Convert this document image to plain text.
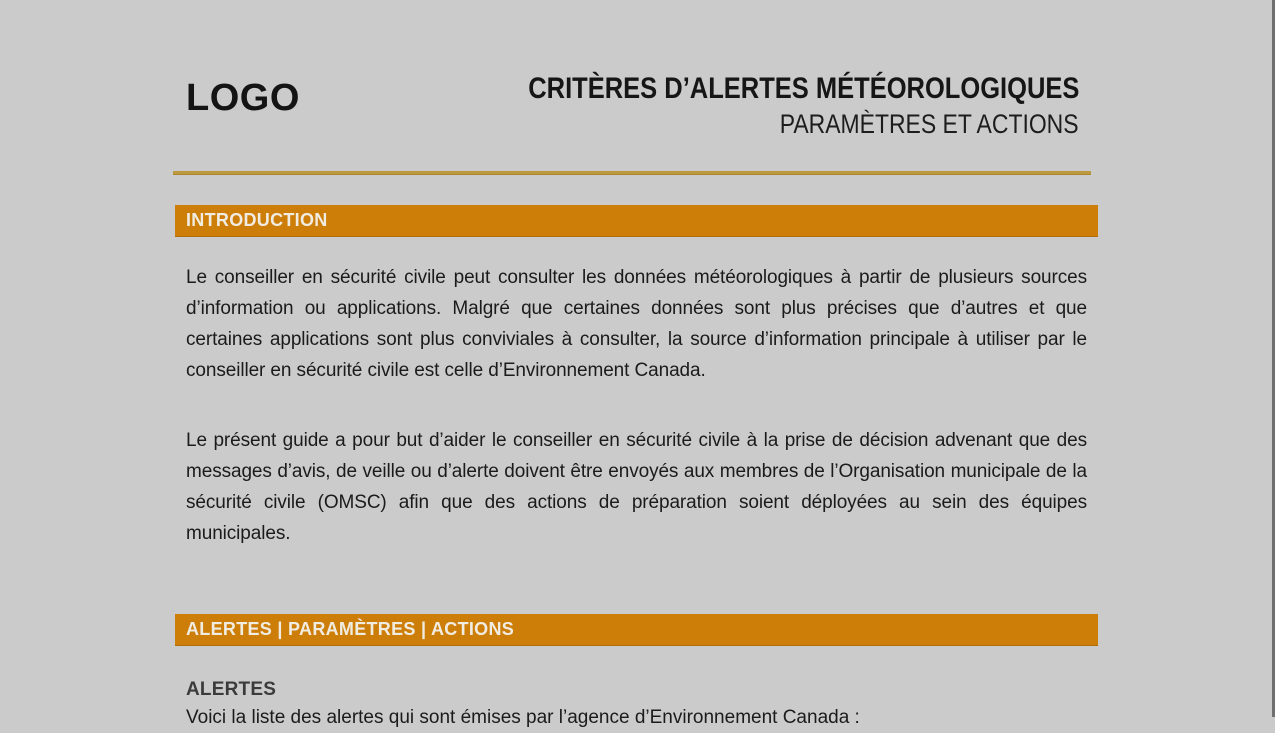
LOGO	CRITÈRES D’ALERTES MÉTÉOROLOGIQUES
PARAMÈTRES ET ACTIONS
INTRODUCTION

Le conseiller en sécurité civile peut consulter les données météorologiques à partir de plusieurs sources d’information ou applications. Malgré que certaines données sont plus précises que d’autres et que certaines applications sont plus conviviales à consulter, la source d’information principale à utiliser par le conseiller en sécurité civile est celle d’Environnement Canada.

Le présent guide a pour but d’aider le conseiller en sécurité civile à la prise de décision advenant que des messages d’avis, de veille ou d’alerte doivent être envoyés aux membres de l’Organisation municipale de la sécurité civile (OMSC) afin que des actions de préparation soient déployées au sein des équipes municipales.

ALERTES | PARAMÈTRES | ACTIONS
ALERTES
Voici la liste des alertes qui sont émises par l’agence d’Environnement Canada :
